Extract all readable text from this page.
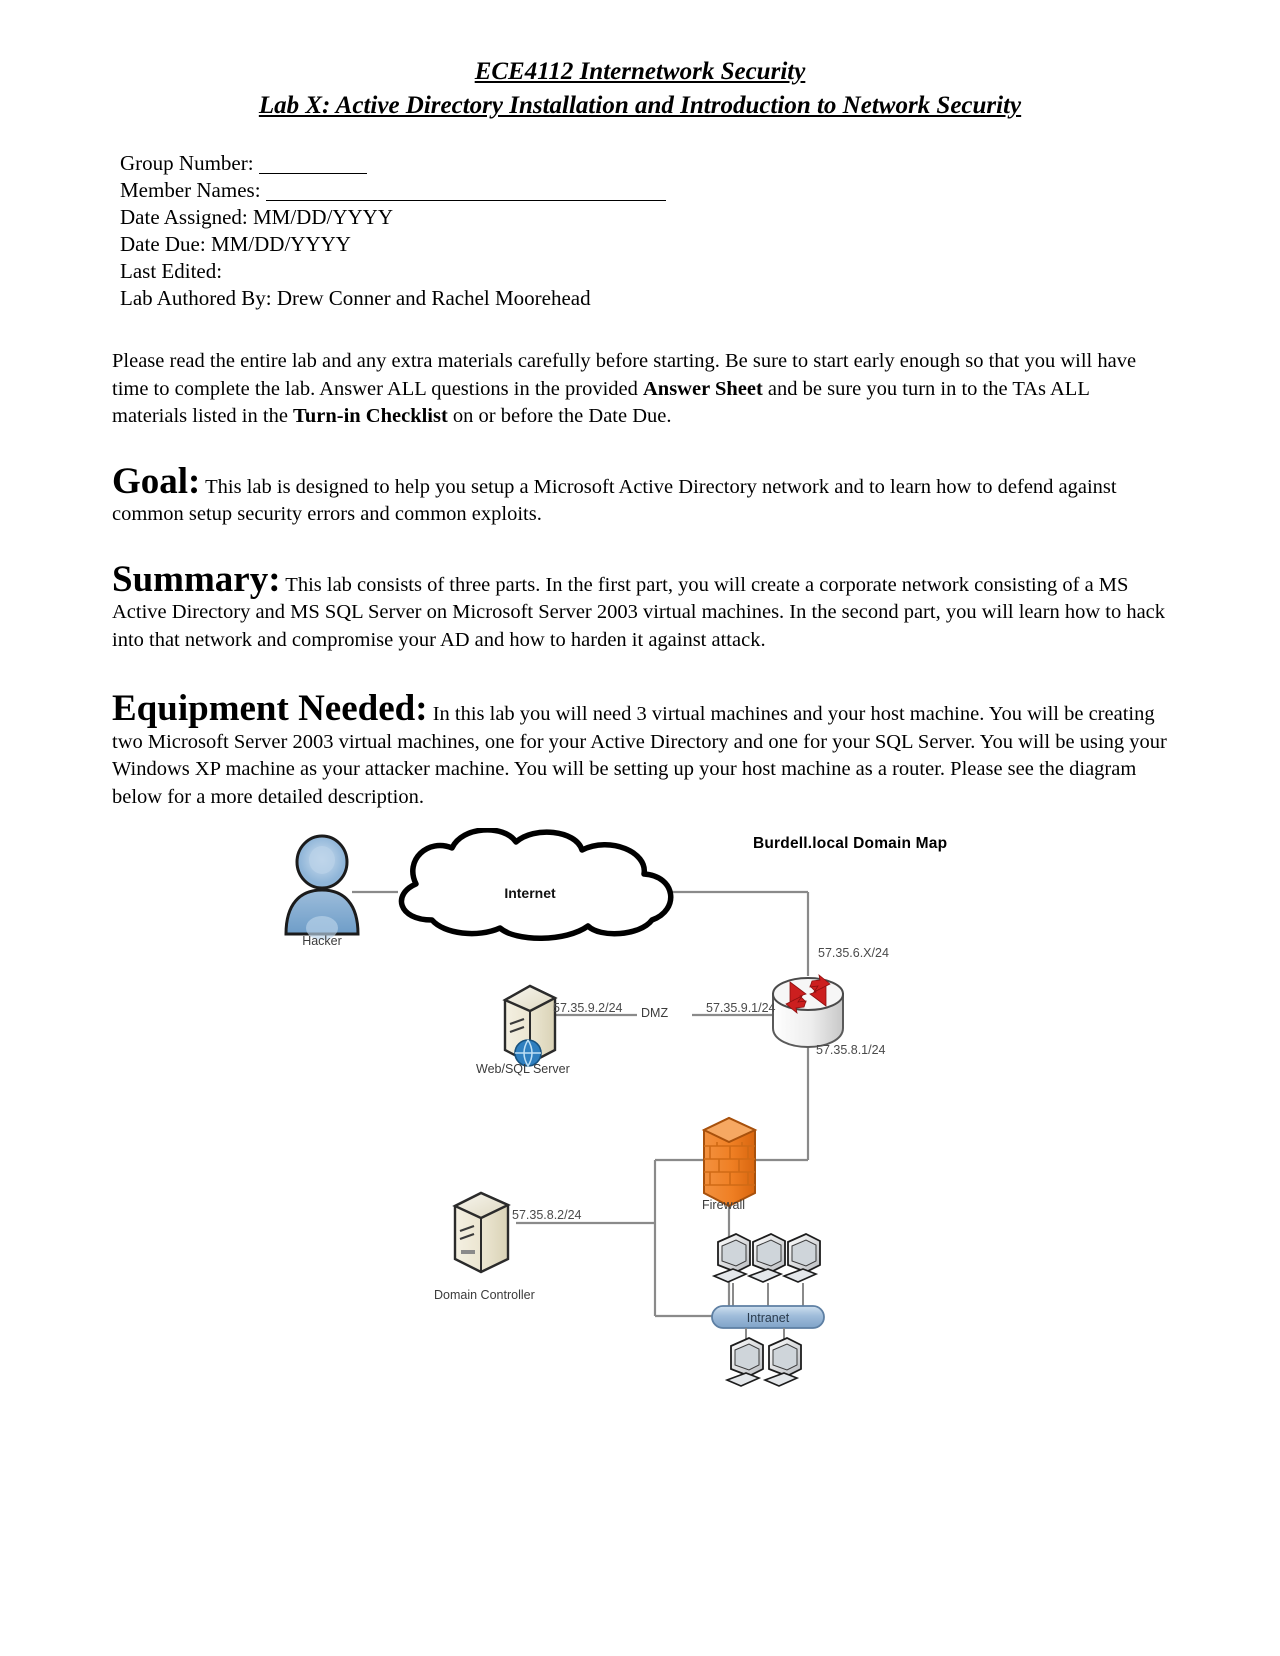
ECE4112 Internetwork Security
Lab X: Active Directory Installation and Introduction to Network Security
Group Number:
Member Names:
Date Assigned: MM/DD/YYYY
Date Due: MM/DD/YYYY
Last Edited:
Lab Authored By: Drew Conner and Rachel Moorehead
Please read the entire lab and any extra materials carefully before starting. Be sure to start early enough so that you will have time to complete the lab. Answer ALL questions in the provided Answer Sheet and be sure you turn in to the TAs ALL materials listed in the Turn-in Checklist on or before the Date Due.
Goal: This lab is designed to help you setup a Microsoft Active Directory network and to learn how to defend against common setup security errors and common exploits.
Summary: This lab consists of three parts. In the first part, you will create a corporate network consisting of a MS Active Directory and MS SQL Server on Microsoft Server 2003 virtual machines. In the second part, you will learn how to hack into that network and compromise your AD and how to harden it against attack.
Equipment Needed: In this lab you will need 3 virtual machines and your host machine. You will be creating two Microsoft Server 2003 virtual machines, one for your Active Directory and one for your SQL Server. You will be using your Windows XP machine as your attacker machine. You will be setting up your host machine as a router. Please see the diagram below for a more detailed description.
Burdell.local Domain Map
Internet
Hacker
Intranet
57.35.9.2/24 DMZ	57.35.9.1/24
57.35.6.X/24
57.35.8.1/24
57.35.8.2/24
Web/SQL Server
Domain Controller
Firewall
